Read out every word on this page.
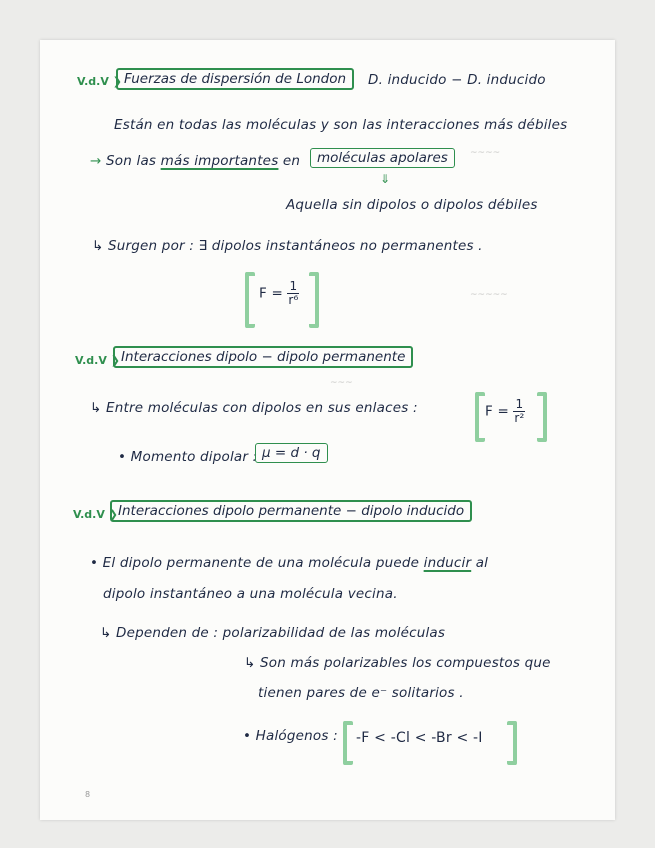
~~~~
~~~~~
~~~
V.d.V ❯ Fuerzas de dispersión de London	D. inducido − D. inducido
Están en todas las moléculas y son las interacciones más débiles
→ Son las más importantes en	moléculas apolares
⇓
Aquella sin dipolos o dipolos débiles
↳ Surgen por : ∃ dipolos instantáneos no permanentes .
$F = \frac{1}{\text{r⁶}}$
V.d.V ❯ Interacciones dipolo − dipolo permanente
↳ Entre moléculas con dipolos en sus enlaces :	$F = \frac{1}{\text{r²}}$
• Momento dipolar : μ = d · q
V.d.V ❯ Interacciones dipolo permanente − dipolo inducido
• El dipolo permanente de una molécula puede inducir al
dipolo instantáneo a una molécula vecina.
↳ Dependen de : polarizabilidad de las moléculas
↳ Son más polarizables los compuestos que
tienen pares de e⁻ solitarios .
• Halógenos : -F < -Cl < -Br < -I
8
